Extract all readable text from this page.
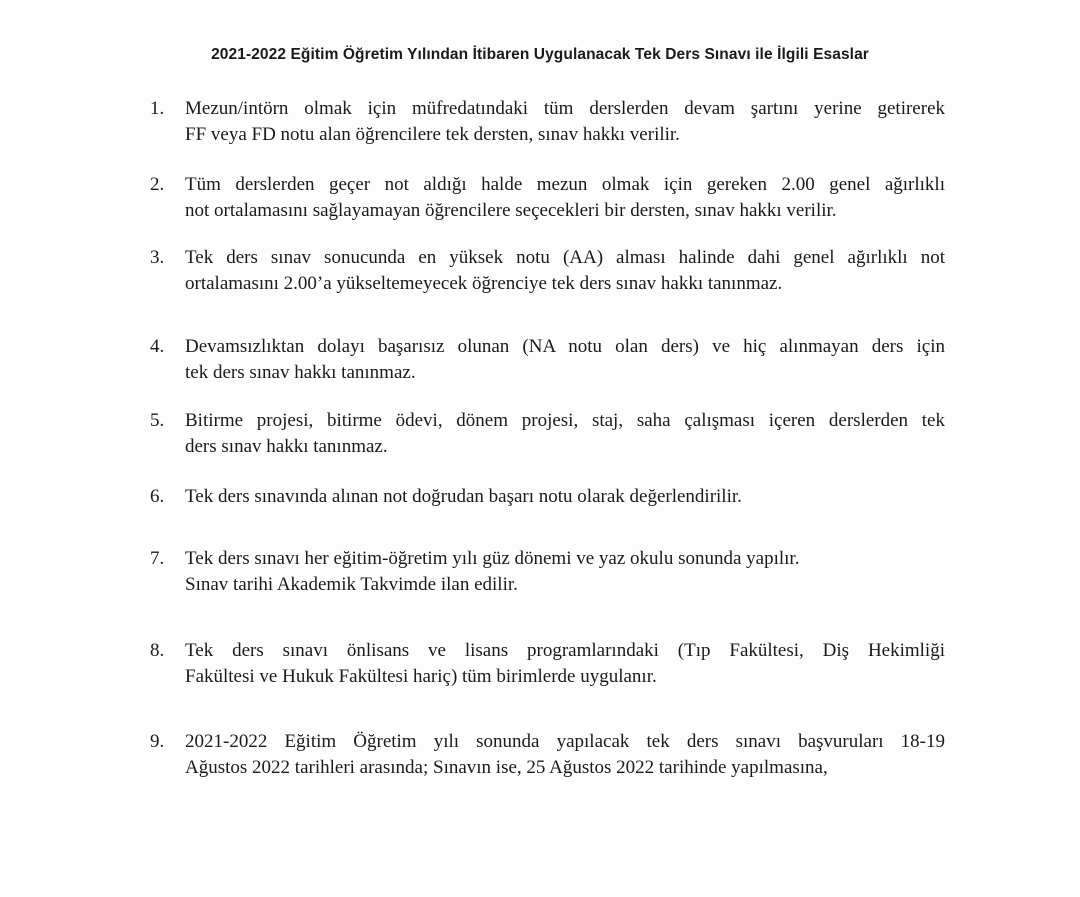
2021-2022 Eğitim Öğretim Yılından İtibaren Uygulanacak Tek Ders Sınavı ile İlgili Esaslar
1.	Mezun/intörn olmak için müfredatındaki tüm derslerden devam şartını yerine getirerek
FF veya FD notu alan öğrencilere tek dersten, sınav hakkı verilir.
2.	Tüm derslerden geçer not aldığı halde mezun olmak için gereken 2.00 genel ağırlıklı
not ortalamasını sağlayamayan öğrencilere seçecekleri bir dersten, sınav hakkı verilir.
3.	Tek ders sınav sonucunda en yüksek notu (AA) alması halinde dahi genel ağırlıklı not
ortalamasını 2.00’a yükseltemeyecek öğrenciye tek ders sınav hakkı tanınmaz.
4.	Devamsızlıktan dolayı başarısız olunan (NA notu olan ders) ve hiç alınmayan ders için
tek ders sınav hakkı tanınmaz.
5.	Bitirme projesi, bitirme ödevi, dönem projesi, staj, saha çalışması içeren derslerden tek
ders sınav hakkı tanınmaz.
6.	Tek ders sınavında alınan not doğrudan başarı notu olarak değerlendirilir.
7.	Tek ders sınavı her eğitim-öğretim yılı güz dönemi ve yaz okulu sonunda yapılır.
Sınav tarihi Akademik Takvimde ilan edilir.
8.	Tek ders sınavı önlisans ve lisans programlarındaki (Tıp Fakültesi, Diş Hekimliği
Fakültesi ve Hukuk Fakültesi hariç) tüm birimlerde uygulanır.
9.	2021-2022 Eğitim Öğretim yılı sonunda yapılacak tek ders sınavı başvuruları 18-19
Ağustos 2022 tarihleri arasında; Sınavın ise, 25 Ağustos 2022 tarihinde yapılmasına,
